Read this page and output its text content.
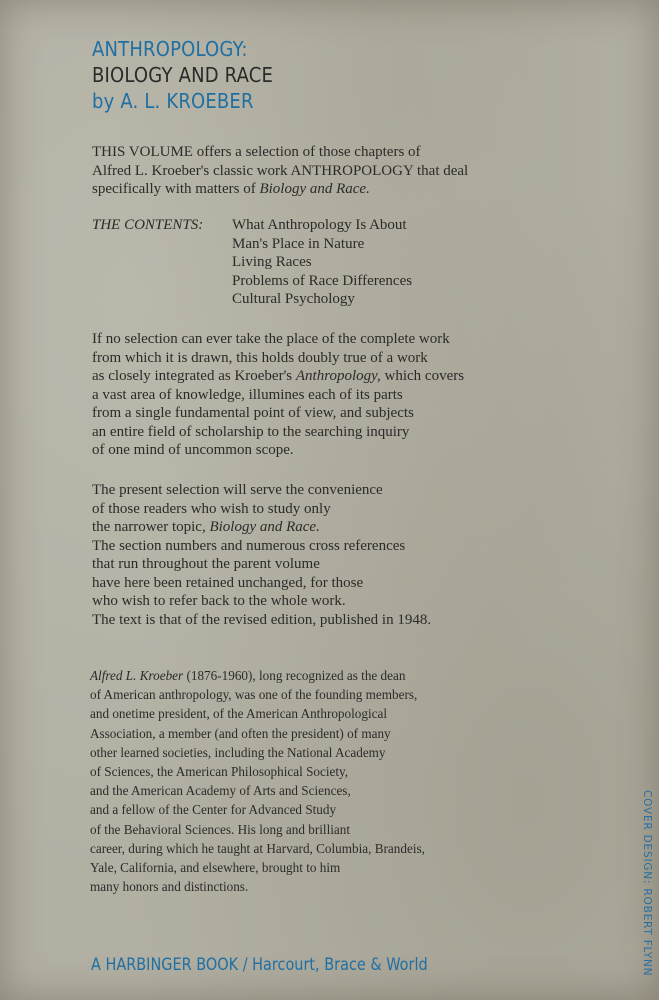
ANTHROPOLOGY:
BIOLOGY AND RACE
by A. L. KROEBER
THIS VOLUME offers a selection of those chapters of
Alfred L. Kroeber's classic work ANTHROPOLOGY that deal
specifically with matters of Biology and Race.
THE CONTENTS: What Anthropology Is About
Man's Place in Nature
Living Races
Problems of Race Differences
Cultural Psychology
If no selection can ever take the place of the complete work
from which it is drawn, this holds doubly true of a work
as closely integrated as Kroeber's Anthropology, which covers
a vast area of knowledge, illumines each of its parts
from a single fundamental point of view, and subjects
an entire field of scholarship to the searching inquiry
of one mind of uncommon scope.
The present selection will serve the convenience
of those readers who wish to study only
the narrower topic, Biology and Race.
The section numbers and numerous cross references
that run throughout the parent volume
have here been retained unchanged, for those
who wish to refer back to the whole work.
The text is that of the revised edition, published in 1948.
Alfred L. Kroeber (1876-1960), long recognized as the dean
of American anthropology, was one of the founding members,
and onetime president, of the American Anthropological
Association, a member (and often the president) of many
other learned societies, including the National Academy
of Sciences, the American Philosophical Society,
and the American Academy of Arts and Sciences,
and a fellow of the Center for Advanced Study
of the Behavioral Sciences. His long and brilliant
career, during which he taught at Harvard, Columbia, Brandeis,
Yale, California, and elsewhere, brought to him
many honors and distinctions.
A HARBINGER BOOK / Harcourt, Brace & World	COVER DESIGN: ROBERT FLYNN
